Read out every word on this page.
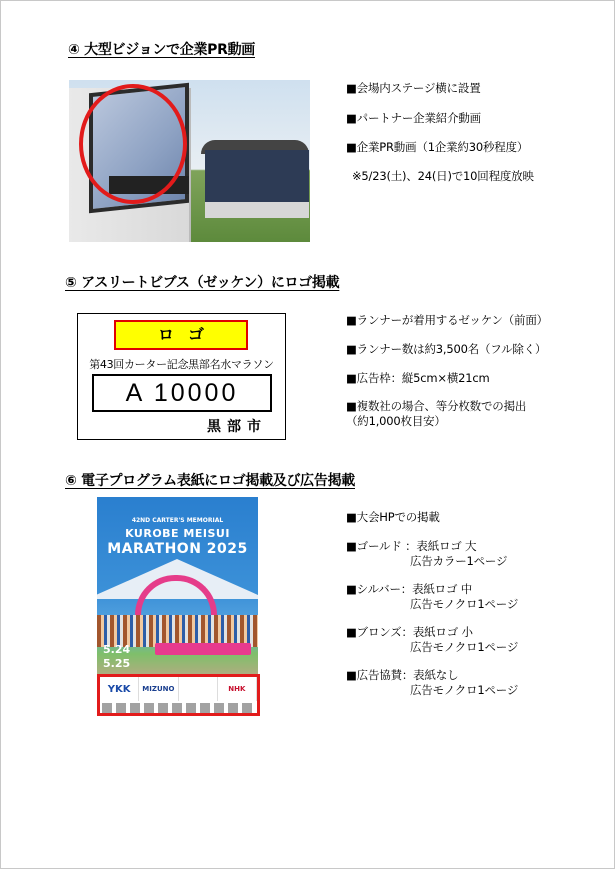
④ 大型ビジョンで企業PR動画
■会場内ステージ横に設置
■パートナー企業紹介動画
■企業PR動画（1企業約30秒程度）
※5/23(土)、24(日)で10回程度放映
⑤ アスリートビブス（ゼッケン）にロゴ掲載
ロゴ
第43回カーター記念黒部名水マラソン
A 10000
黒部市
■ランナーが着用するゼッケン（前面）
■ランナー数は約3,500名（フル除く）
■広告枠：縦5cm×横21cm
■複数社の場合、等分枚数での掲出
（約1,000枚目安）
⑥ 電子プログラム表紙にロゴ掲載及び広告掲載
42ND CARTER'S MEMORIAL
KUROBE MEISUI
MARATHON 2025
5.24
5.25
YKK	MIZUNO	NHK
■大会HPでの掲載
■ゴールド ：表紙ロゴ 大
広告カラー1ページ
■シルバー：表紙ロゴ 中
広告モノクロ1ページ
■ブロンズ：表紙ロゴ 小
広告モノクロ1ページ
■広告協賛：表紙なし
広告モノクロ1ページ
